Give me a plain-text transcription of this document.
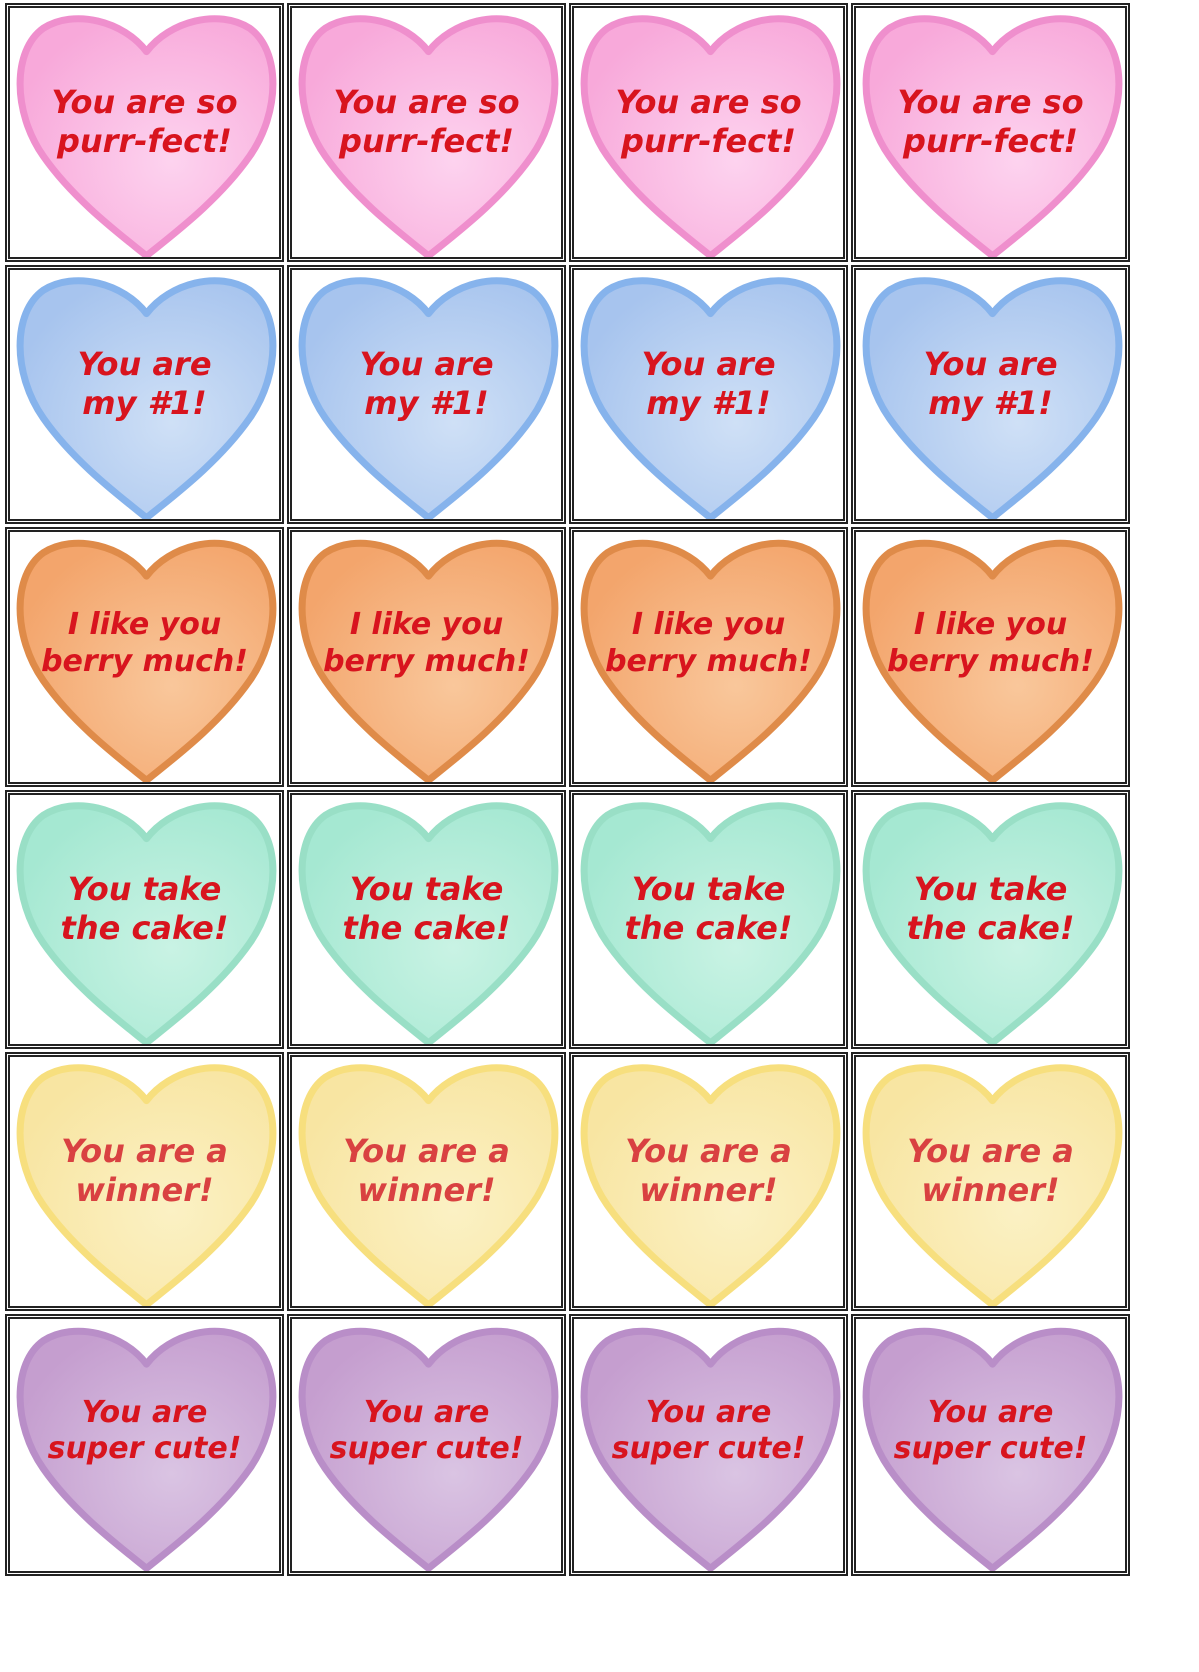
You are so
purr-fect!
You are so
purr-fect!
You are so
purr-fect!
You are so
purr-fect!
You are
my #1!
You are
my #1!
You are
my #1!
You are
my #1!
I like you
berry much!
I like you
berry much!
I like you
berry much!
I like you
berry much!
You take
the cake!
You take
the cake!
You take
the cake!
You take
the cake!
You are a
winner!
You are a
winner!
You are a
winner!
You are a
winner!
You are
super cute!
You are
super cute!
You are
super cute!
You are
super cute!
